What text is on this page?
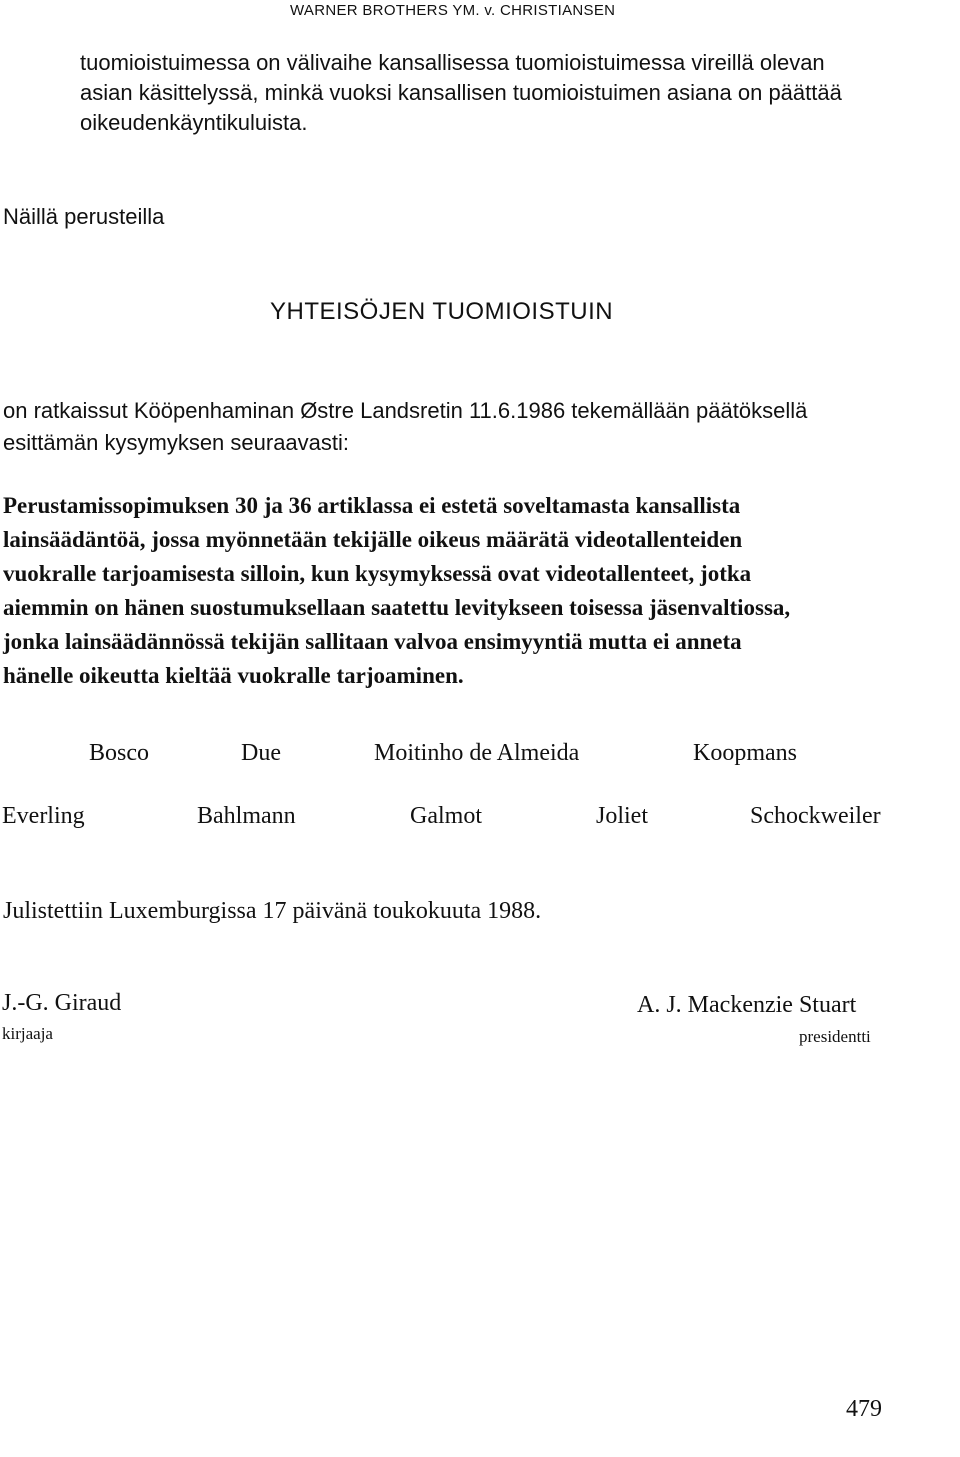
WARNER BROTHERS YM. v. CHRISTIANSEN
tuomioistuimessa on välivaihe kansallisessa tuomioistuimessa vireillä olevan
asian käsittelyssä, minkä vuoksi kansallisen tuomioistuimen asiana on päättää
oikeudenkäyntikuluista.
Näillä perusteilla
YHTEISÖJEN TUOMIOISTUIN
on ratkaissut Kööpenhaminan Østre Landsretin 11.6.1986 tekemällään päätöksellä
esittämän kysymyksen seuraavasti:
Perustamissopimuksen 30 ja 36 artiklassa ei estetä soveltamasta kansallista
lainsäädäntöä, jossa myönnetään tekijälle oikeus määrätä videotallenteiden
vuokralle tarjoamisesta silloin, kun kysymyksessä ovat videotallenteet, jotka
aiemmin on hänen suostumuksellaan saatettu levitykseen toisessa jäsenvaltiossa,
jonka lainsäädännössä tekijän sallitaan valvoa ensimyyntiä mutta ei anneta
hänelle oikeutta kieltää vuokralle tarjoaminen.
Bosco	Due	Moitinho de Almeida	Koopmans
Everling	Bahlmann	Galmot	Joliet	Schockweiler
Julistettiin Luxemburgissa 17 päivänä toukokuuta 1988.
J.-G. Giraud
kirjaaja
A. J. Mackenzie Stuart
presidentti
479
